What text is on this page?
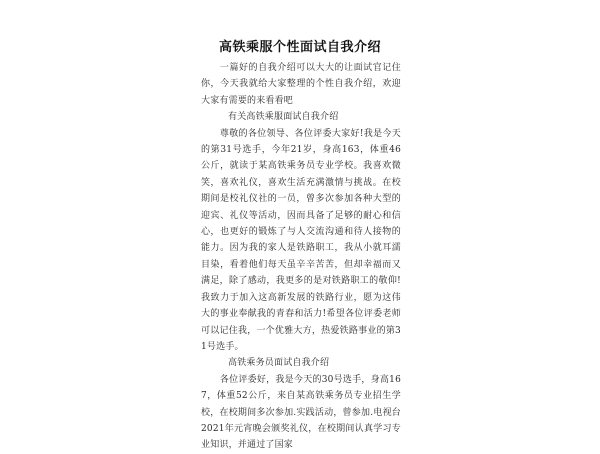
高铁乘服个性面试自我介绍

一篇好的自我介绍可以大大的让面试官记住你，今天我就给大家整理的个性自我介绍，欢迎大家有需要的来看看吧

有关高铁乘服面试自我介绍

尊敬的各位领导、各位评委大家好!我是今天的第31号选手，今年21岁，身高163，体重46公斤，就读于某高铁乘务员专业学校。我喜欢微笑，喜欢礼仪，喜欢生活充满激情与挑战。在校期间是校礼仪社的一员，曾多次参加各种大型的迎宾、礼仪等活动，因而具备了足够的耐心和信心，也更好的锻炼了与人交流沟通和待人接物的能力。因为我的家人是铁路职工，我从小就耳濡目染，看着他们每天虽辛辛苦苦，但却幸福而又满足，除了感动，我更多的是对铁路职工的敬仰!我致力于加入这高新发展的铁路行业，愿为这伟大的事业奉献我的青春和活力!希望各位评委老师可以记住我，一个优雅大方，热爱铁路事业的第31号选手。

高铁乘务员面试自我介绍

各位评委好，我是今天的30号选手，身高167，体重52公斤，来自某高铁乘务员专业招生学校，在校期间多次参加.实践活动，曾参加.电视台2021年元宵晚会颁奖礼仪，在校期间认真学习专业知识，并通过了国家
